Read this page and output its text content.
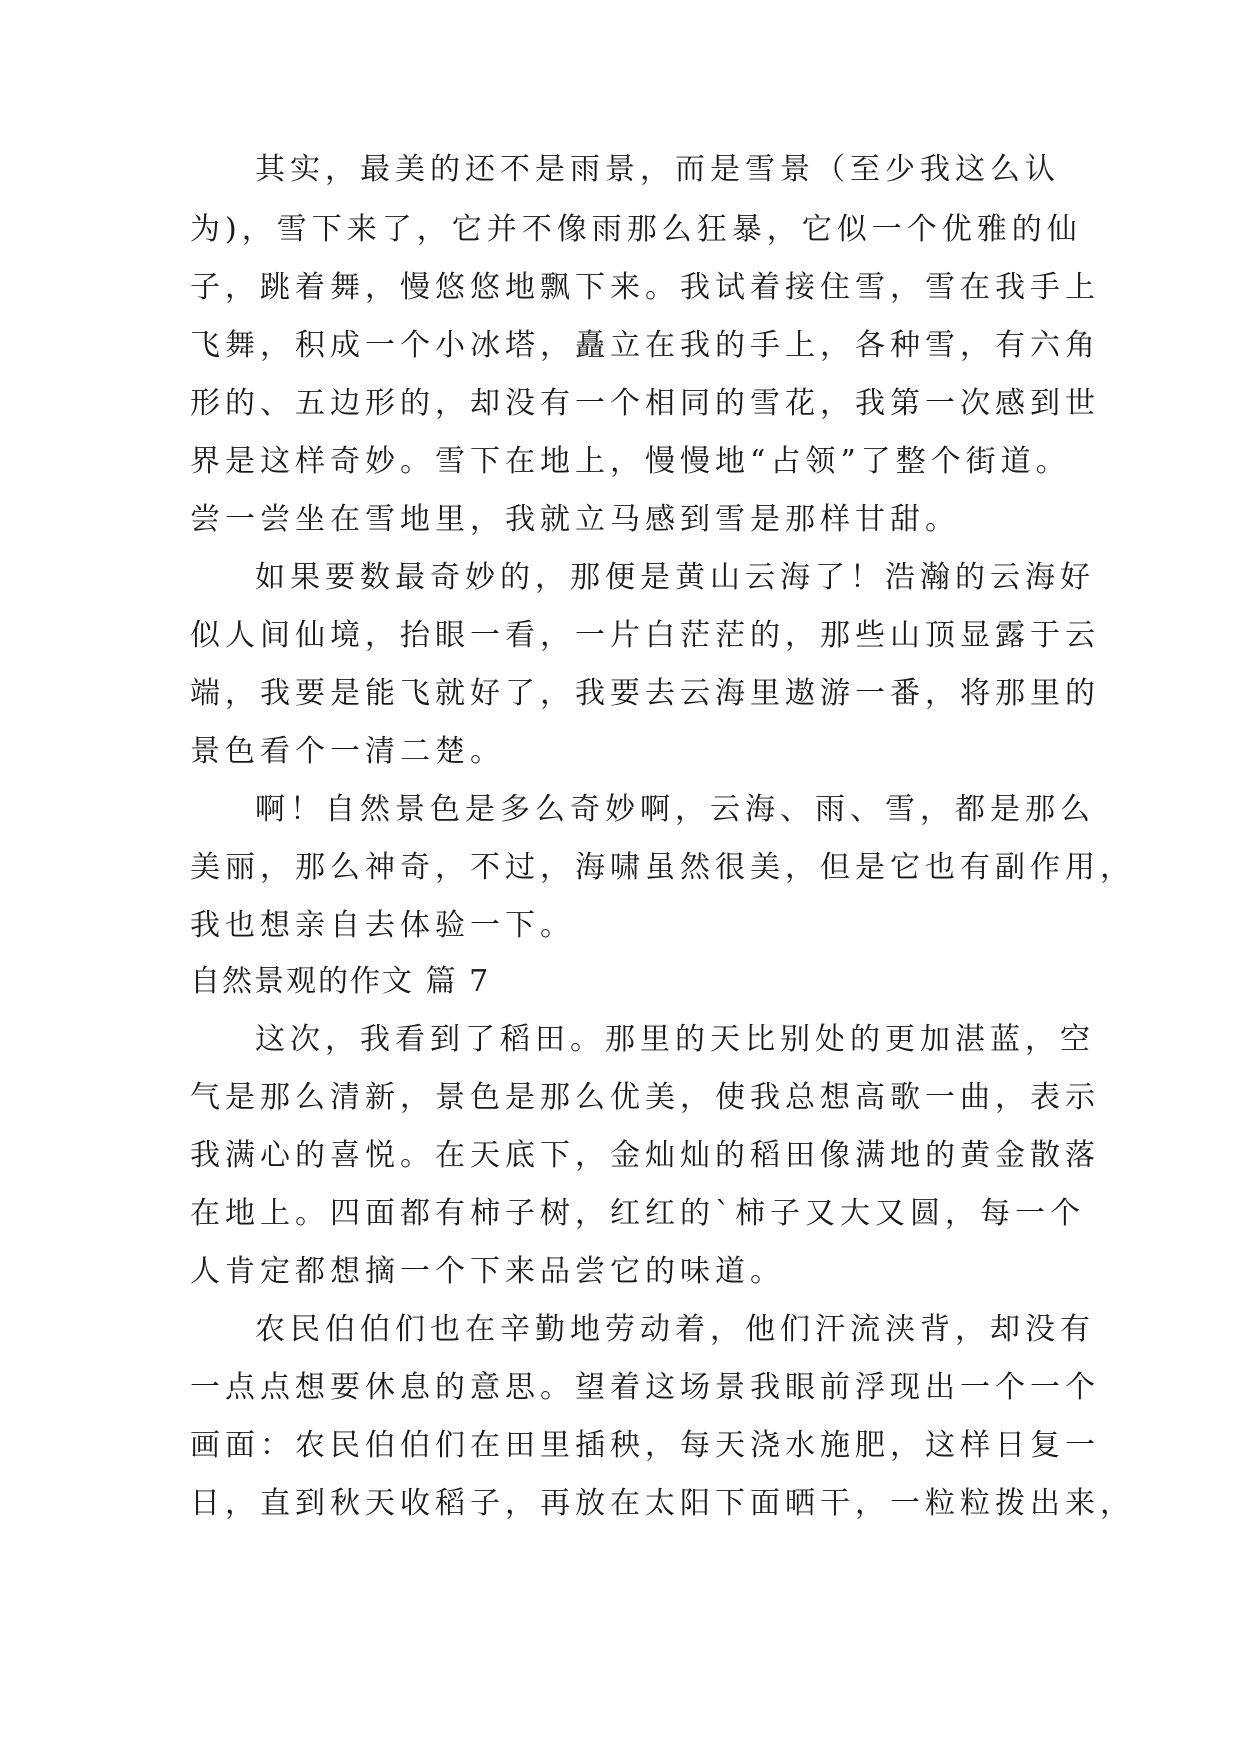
其实，最美的还不是雨景，而是雪景（至少我这么认
为)，雪下来了，它并不像雨那么狂暴，它似一个优雅的仙
子，跳着舞，慢悠悠地飘下来。我试着接住雪，雪在我手上
飞舞，积成一个小冰塔，矗立在我的手上，各种雪，有六角
形的、五边形的，却没有一个相同的雪花，我第一次感到世
界是这样奇妙。雪下在地上，慢慢地“占领”了整个街道。
尝一尝坐在雪地里，我就立马感到雪是那样甘甜。
如果要数最奇妙的，那便是黄山云海了！浩瀚的云海好
似人间仙境，抬眼一看，一片白茫茫的，那些山顶显露于云
端，我要是能飞就好了，我要去云海里遨游一番，将那里的
景色看个一清二楚。
啊！自然景色是多么奇妙啊，云海、雨、雪，都是那么
美丽，那么神奇，不过，海啸虽然很美，但是它也有副作用，
我也想亲自去体验一下。
自然景观的作文 篇 7
这次，我看到了稻田。那里的天比别处的更加湛蓝，空
气是那么清新，景色是那么优美，使我总想高歌一曲，表示
我满心的喜悦。在天底下，金灿灿的稻田像满地的黄金散落
在地上。四面都有柿子树，红红的`柿子又大又圆，每一个
人肯定都想摘一个下来品尝它的味道。
农民伯伯们也在辛勤地劳动着，他们汗流浃背，却没有
一点点想要休息的意思。望着这场景我眼前浮现出一个一个
画面：农民伯伯们在田里插秧，每天浇水施肥，这样日复一
日，直到秋天收稻子，再放在太阳下面晒干，一粒粒拨出来，
